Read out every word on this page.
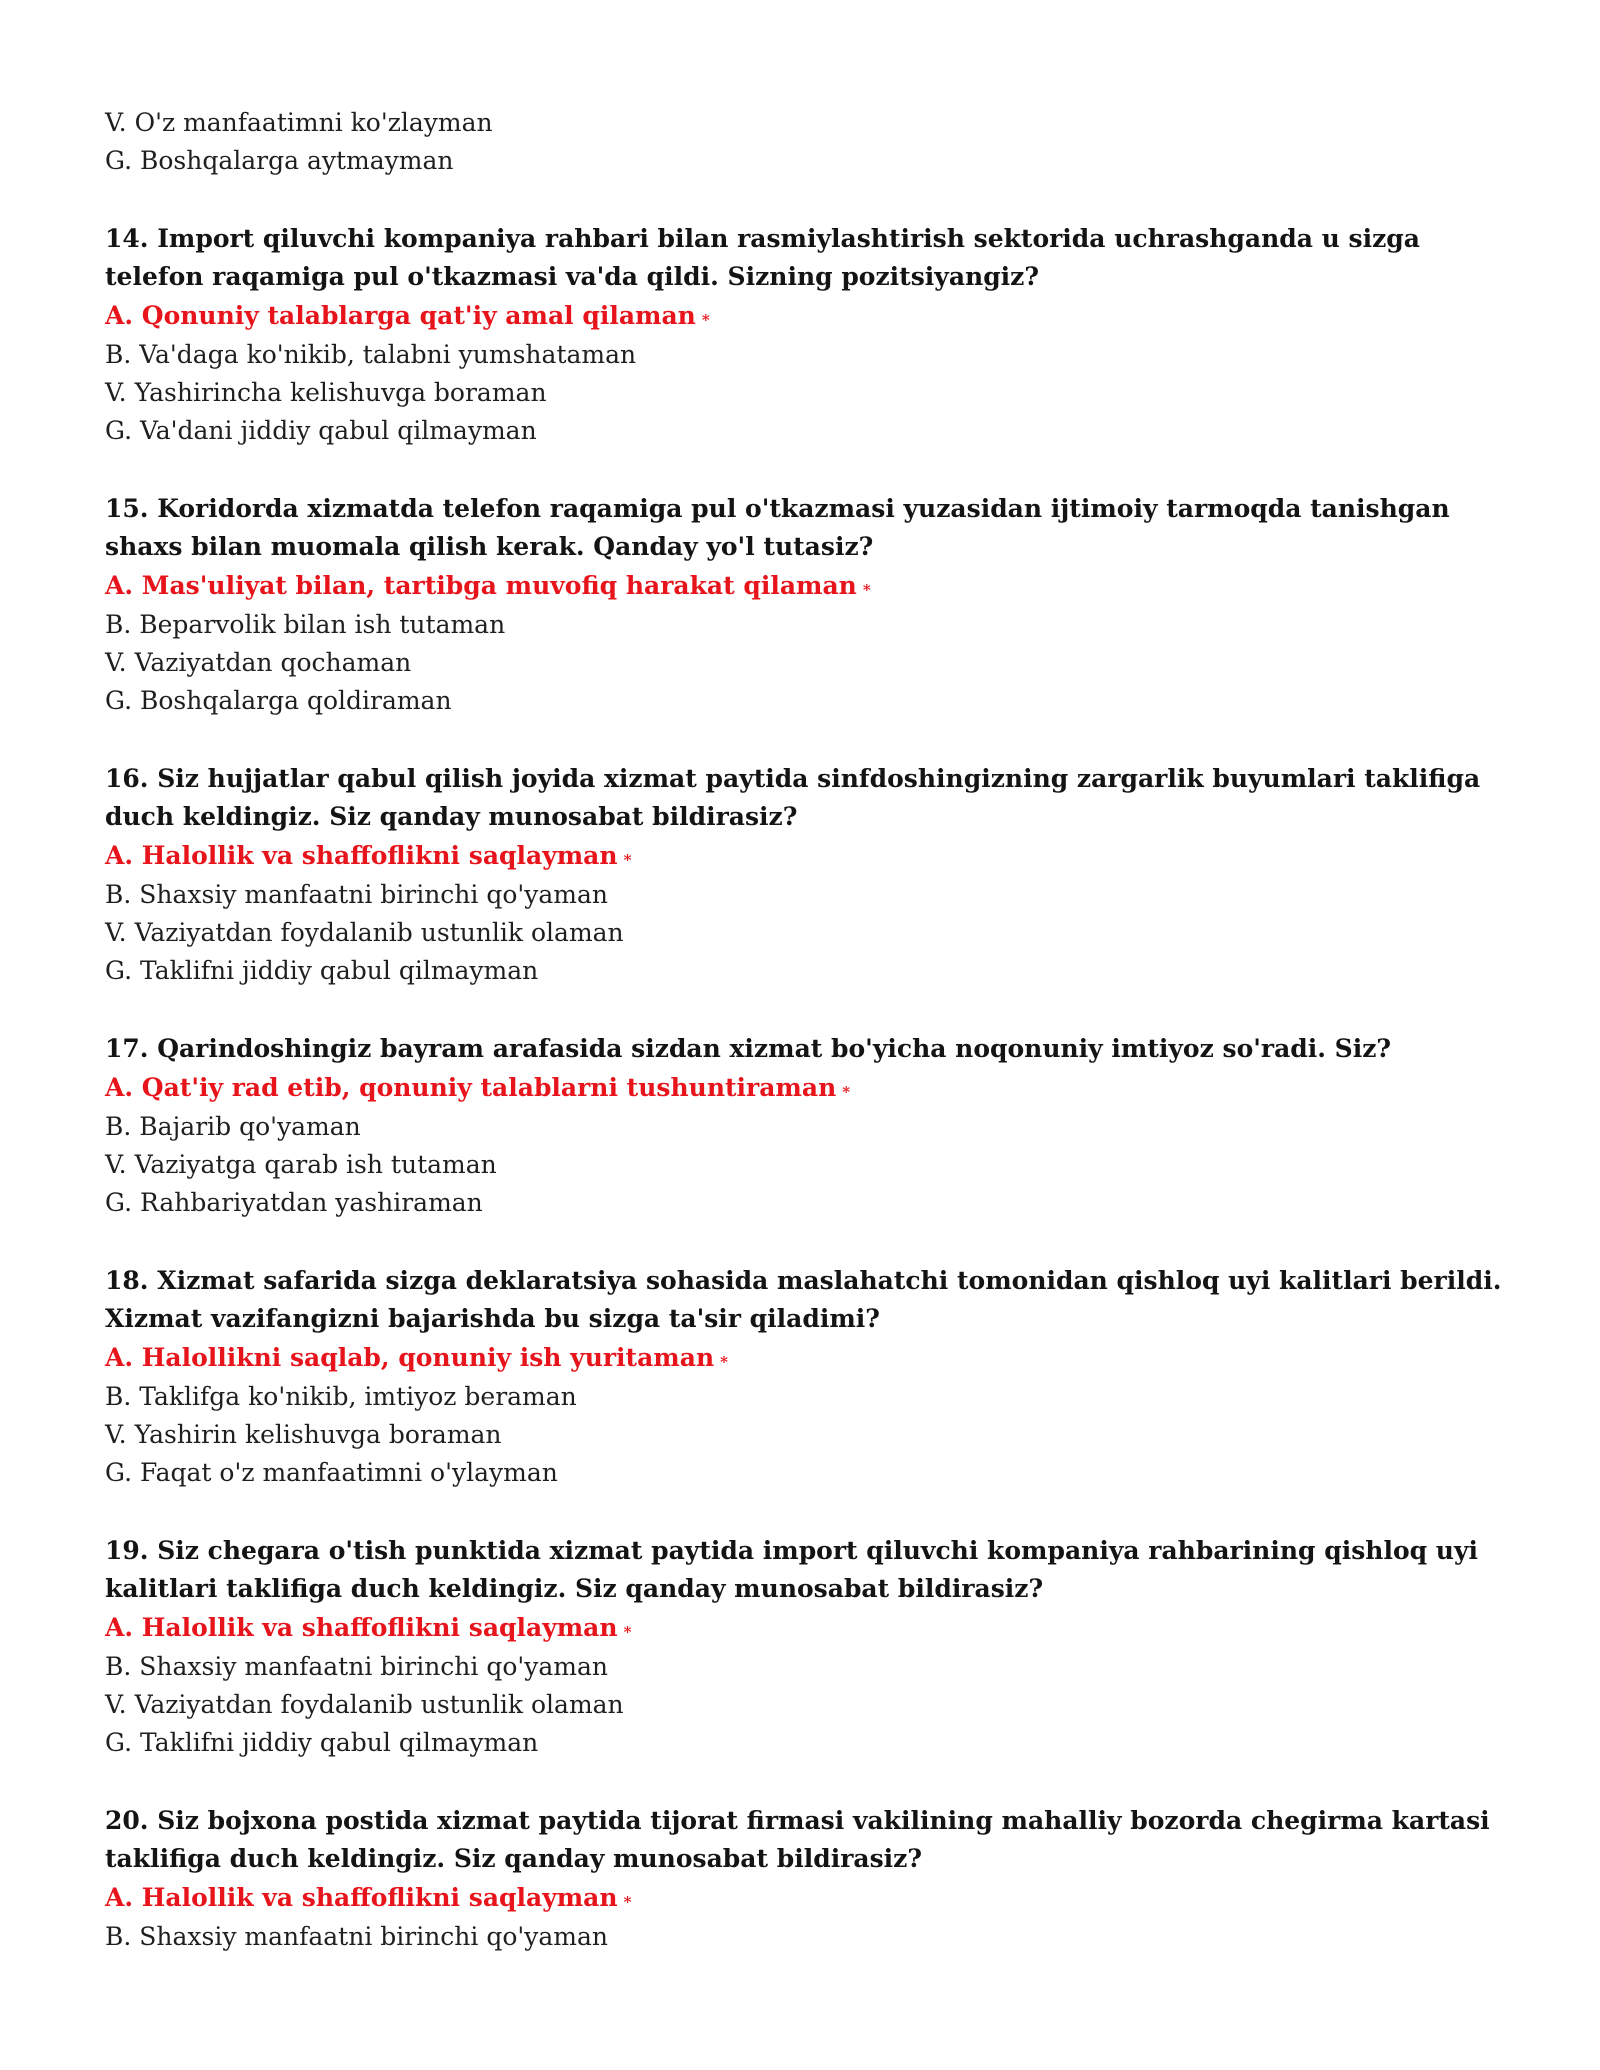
V. O'z manfaatimni ko'zlayman
G. Boshqalarga aytmayman
14. Import qiluvchi kompaniya rahbari bilan rasmiylashtirish sektorida uchrashganda u sizga telefon raqamiga pul o'tkazmasi va'da qildi. Sizning pozitsiyangiz?
A. Qonuniy talablarga qat'iy amal qilaman *
B. Va'daga ko'nikib, talabni yumshataman
V. Yashirincha kelishuvga boraman
G. Va'dani jiddiy qabul qilmayman
15. Koridorda xizmatda telefon raqamiga pul o'tkazmasi yuzasidan ijtimoiy tarmoqda tanishgan shaxs bilan muomala qilish kerak. Qanday yo'l tutasiz?
A. Mas'uliyat bilan, tartibga muvofiq harakat qilaman *
B. Beparvolik bilan ish tutaman
V. Vaziyatdan qochaman
G. Boshqalarga qoldiraman
16. Siz hujjatlar qabul qilish joyida xizmat paytida sinfdoshingizning zargarlik buyumlari taklifiga duch keldingiz. Siz qanday munosabat bildirasiz?
A. Halollik va shaffoflikni saqlayman *
B. Shaxsiy manfaatni birinchi qo'yaman
V. Vaziyatdan foydalanib ustunlik olaman
G. Taklifni jiddiy qabul qilmayman
17. Qarindoshingiz bayram arafasida sizdan xizmat bo'yicha noqonuniy imtiyoz so'radi. Siz?
A. Qat'iy rad etib, qonuniy talablarni tushuntiraman *
B. Bajarib qo'yaman
V. Vaziyatga qarab ish tutaman
G. Rahbariyatdan yashiraman
18. Xizmat safarida sizga deklaratsiya sohasida maslahatchi tomonidan qishloq uyi kalitlari berildi. Xizmat vazifangizni bajarishda bu sizga ta'sir qiladimi?
A. Halollikni saqlab, qonuniy ish yuritaman *
B. Taklifga ko'nikib, imtiyoz beraman
V. Yashirin kelishuvga boraman
G. Faqat o'z manfaatimni o'ylayman
19. Siz chegara o'tish punktida xizmat paytida import qiluvchi kompaniya rahbarining qishloq uyi kalitlari taklifiga duch keldingiz. Siz qanday munosabat bildirasiz?
A. Halollik va shaffoflikni saqlayman *
B. Shaxsiy manfaatni birinchi qo'yaman
V. Vaziyatdan foydalanib ustunlik olaman
G. Taklifni jiddiy qabul qilmayman
20. Siz bojxona postida xizmat paytida tijorat firmasi vakilining mahalliy bozorda chegirma kartasi taklifiga duch keldingiz. Siz qanday munosabat bildirasiz?
A. Halollik va shaffoflikni saqlayman *
B. Shaxsiy manfaatni birinchi qo'yaman
